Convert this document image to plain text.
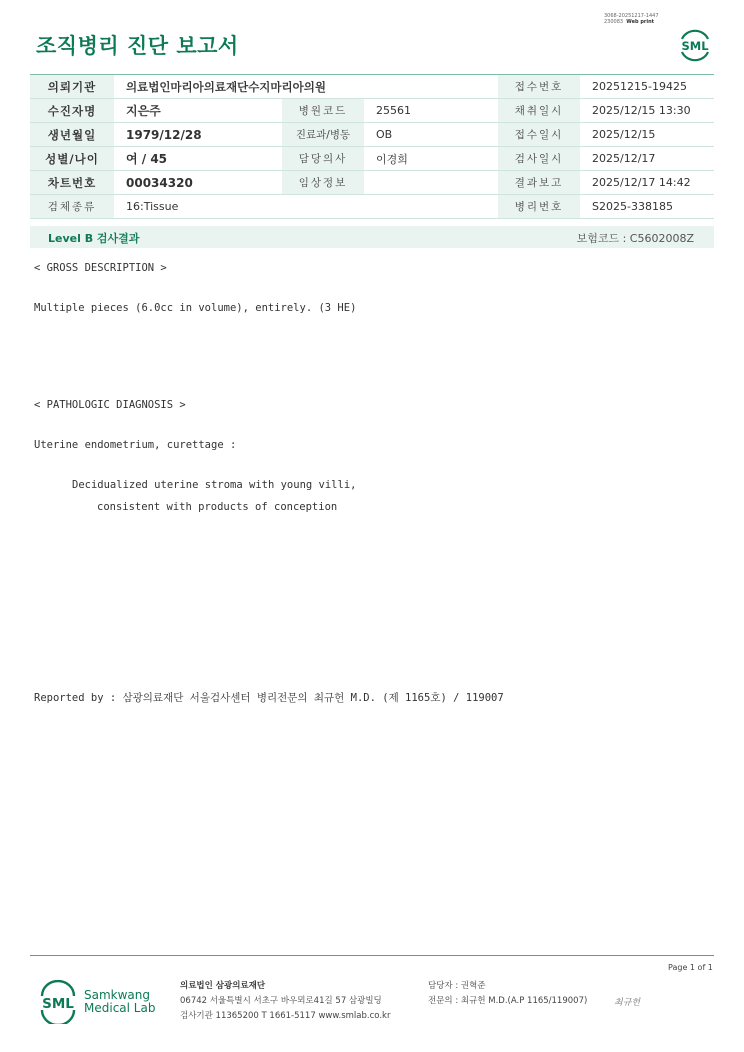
조직병리 진단 보고서
3068-20251217-1447
230083 Web print
SML
의뢰기관	의료법인마리아의료재단수지마리아의원			접수번호	20251215-19425
수진자명	지은주	병원코드	25561	채취일시	2025/12/15 13:30
생년월일	1979/12/28	진료과/병동	OB	접수일시	2025/12/15
성별/나이	여 / 45	담당의사	이경희	검사일시	2025/12/17
차트번호	00034320	임상정보		결과보고	2025/12/17 14:42
검체종류	16:Tissue			병리번호	S2025-338185
Level B 검사결과	보험코드 : C5602008Z
< GROSS DESCRIPTION >
Multiple pieces (6.0cc in volume), entirely. (3 HE)
< PATHOLOGIC DIAGNOSIS >
Uterine endometrium, curettage :
Decidualized uterine stroma with young villi,
consistent with products of conception
Reported by : 삼광의료재단 서울검사센터 병리전문의 최규헌 M.D. (제 1165호) / 119007
Page 1 of 1
SML
Samkwang
Medical Lab
의료법인 삼광의료재단
06742 서울특별시 서초구 바우뫼로41길 57 삼광빌딩
검사기관 11365200 T 1661-5117 www.smlab.co.kr
담당자 : 권혁준
전문의 : 최규헌 M.D.(A.P 1165/119007)	최규헌
